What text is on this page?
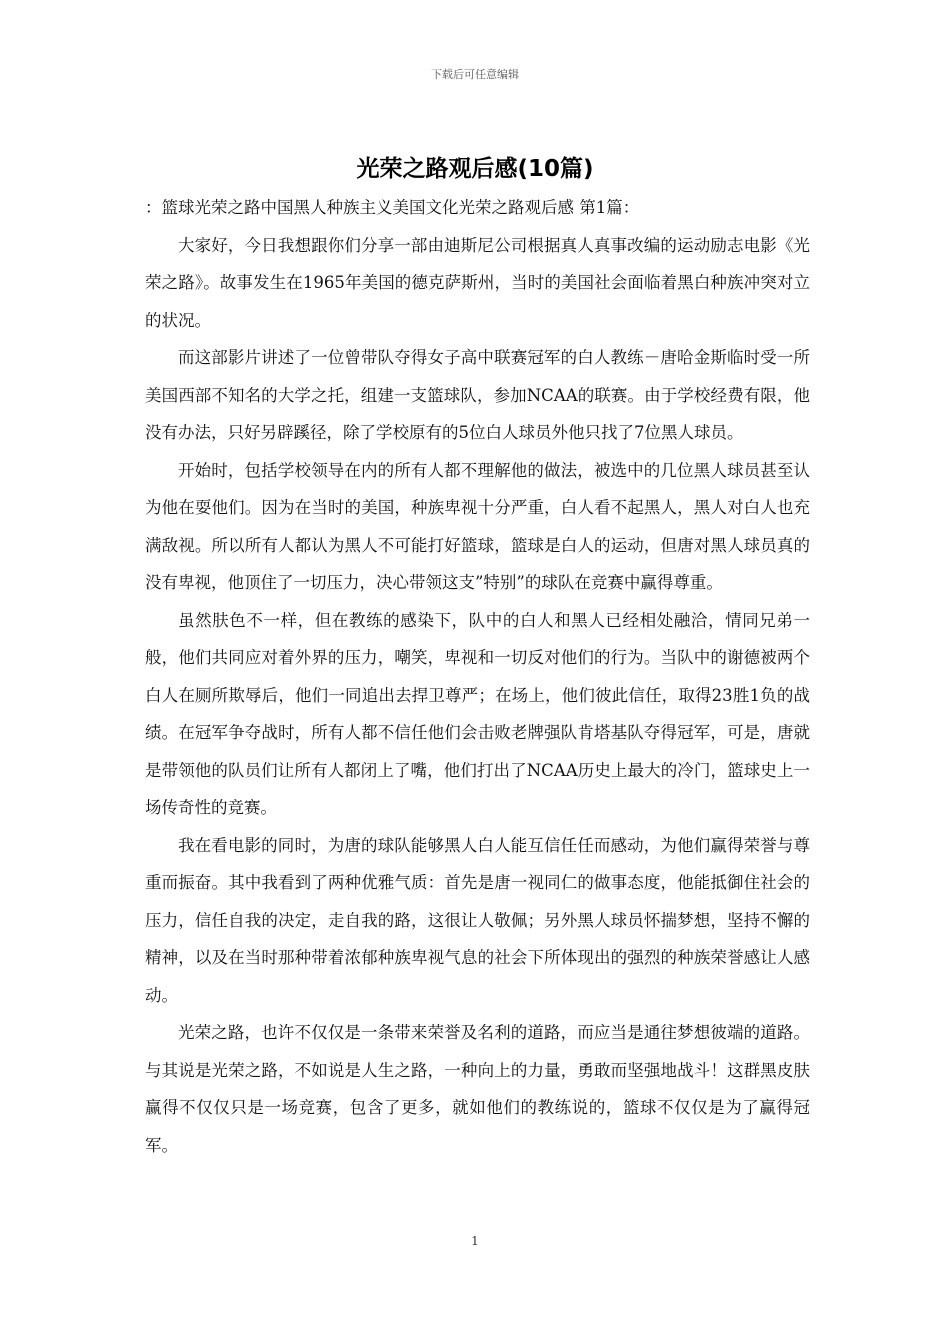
下载后可任意编辑
光荣之路观后感(10篇)

：篮球光荣之路中国黑人种族主义美国文化光荣之路观后感 第1篇：

大家好，今日我想跟你们分享一部由迪斯尼公司根据真人真事改编的运动励志电影《光荣之路》。故事发生在1965年美国的德克萨斯州，当时的美国社会面临着黑白种族冲突对立的状况。

而这部影片讲述了一位曾带队夺得女子高中联赛冠军的白人教练－唐哈金斯临时受一所美国西部不知名的大学之托，组建一支篮球队，参加NCAA的联赛。由于学校经费有限，他没有办法，只好另辟蹊径，除了学校原有的5位白人球员外他只找了7位黑人球员。

开始时，包括学校领导在内的所有人都不理解他的做法，被选中的几位黑人球员甚至认为他在耍他们。因为在当时的美国，种族卑视十分严重，白人看不起黑人，黑人对白人也充满敌视。所以所有人都认为黑人不可能打好篮球，篮球是白人的运动，但唐对黑人球员真的没有卑视，他顶住了一切压力，决心带领这支”特别”的球队在竞赛中赢得尊重。

虽然肤色不一样，但在教练的感染下，队中的白人和黑人已经相处融洽，情同兄弟一般，他们共同应对着外界的压力，嘲笑，卑视和一切反对他们的行为。当队中的谢德被两个白人在厕所欺辱后，他们一同追出去捍卫尊严；在场上，他们彼此信任，取得23胜1负的战绩。在冠军争夺战时，所有人都不信任他们会击败老牌强队肯塔基队夺得冠军，可是，唐就是带领他的队员们让所有人都闭上了嘴，他们打出了NCAA历史上最大的冷门，篮球史上一场传奇性的竞赛。

我在看电影的同时，为唐的球队能够黑人白人能互信任任而感动，为他们赢得荣誉与尊重而振奋。其中我看到了两种优雅气质：首先是唐一视同仁的做事态度，他能抵御住社会的压力，信任自我的决定，走自我的路，这很让人敬佩；另外黑人球员怀揣梦想，坚持不懈的精神，以及在当时那种带着浓郁种族卑视气息的社会下所体现出的强烈的种族荣誉感让人感动。

光荣之路，也许不仅仅是一条带来荣誉及名利的道路，而应当是通往梦想彼端的道路。与其说是光荣之路，不如说是人生之路，一种向上的力量，勇敢而坚强地战斗！这群黑皮肤赢得不仅仅只是一场竞赛，包含了更多，就如他们的教练说的，篮球不仅仅是为了赢得冠军。

1
